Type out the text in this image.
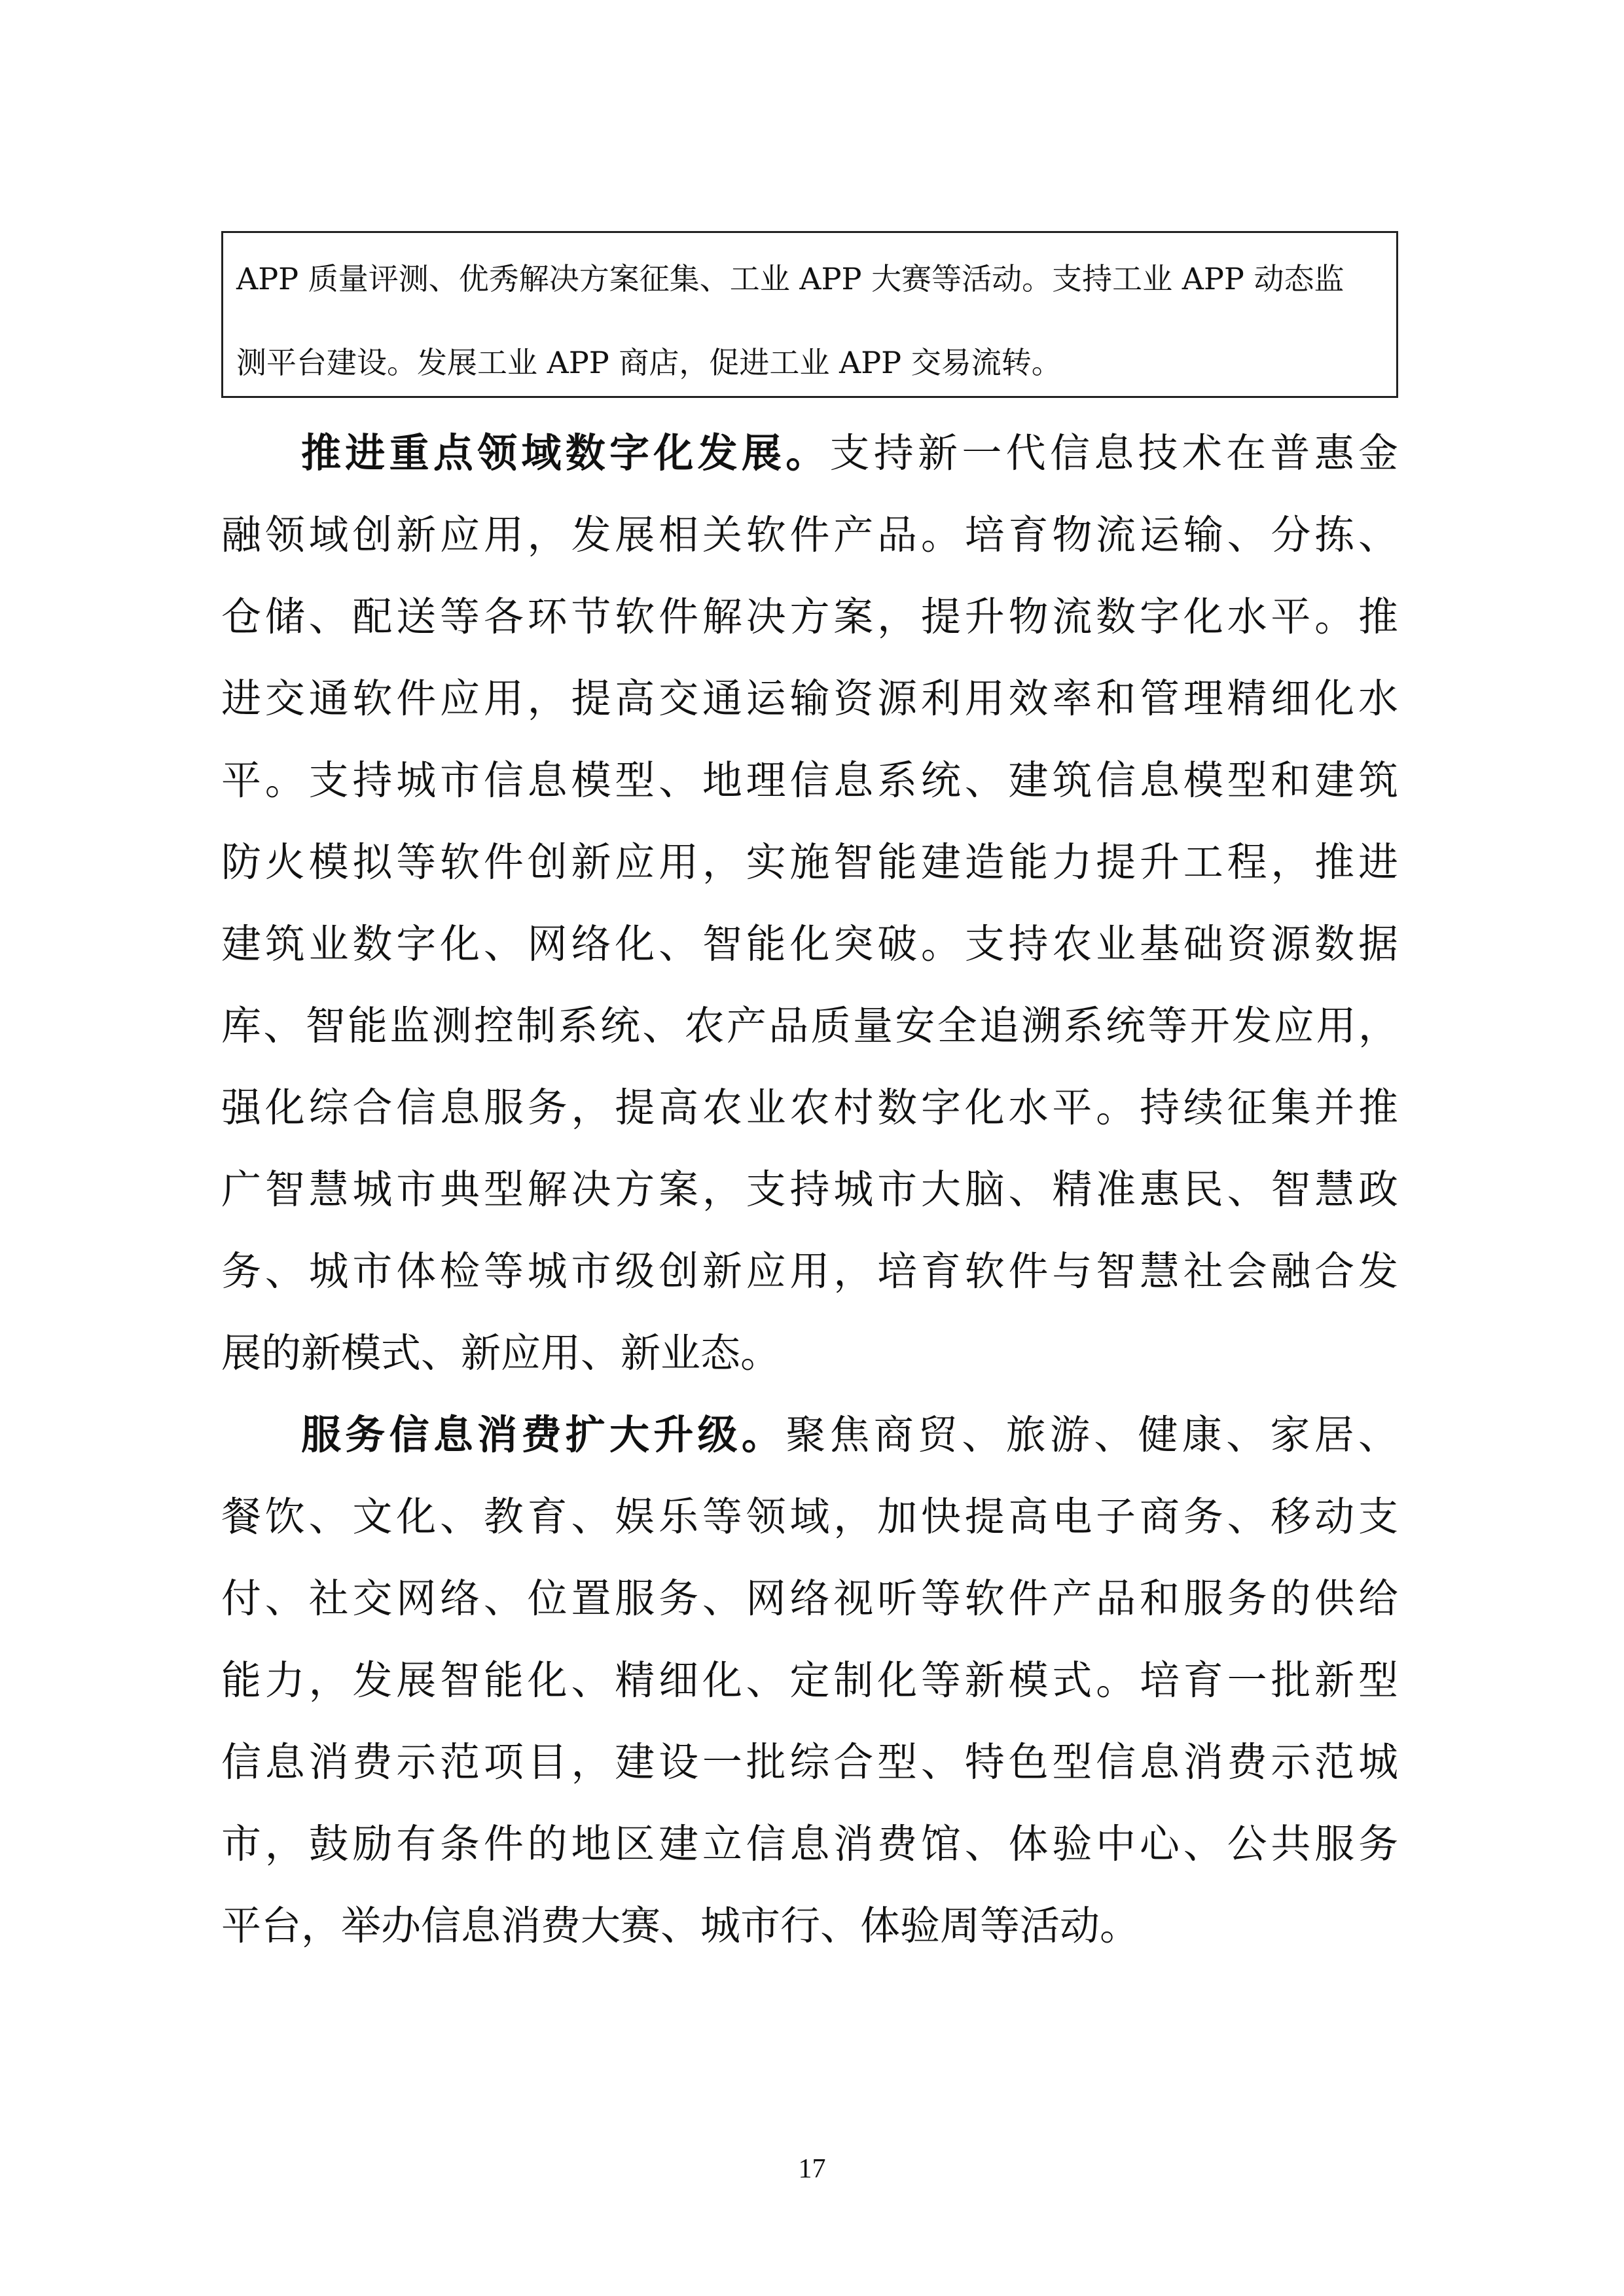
APP 质量评测、优秀解决方案征集、工业 APP 大赛等活动。支持工业 APP 动态监
测平台建设。发展工业 APP 商店，促进工业 APP 交易流转。
推进重点领域数字化发展。支持新一代信息技术在普惠金
融领域创新应用，发展相关软件产品。培育物流运输、分拣、
仓储、配送等各环节软件解决方案，提升物流数字化水平。推
进交通软件应用，提高交通运输资源利用效率和管理精细化水
平。支持城市信息模型、地理信息系统、建筑信息模型和建筑
防火模拟等软件创新应用，实施智能建造能力提升工程，推进
建筑业数字化、网络化、智能化突破。支持农业基础资源数据
库、智能监测控制系统、农产品质量安全追溯系统等开发应用，
强化综合信息服务，提高农业农村数字化水平。持续征集并推
广智慧城市典型解决方案，支持城市大脑、精准惠民、智慧政
务、城市体检等城市级创新应用，培育软件与智慧社会融合发
展的新模式、新应用、新业态。
服务信息消费扩大升级。聚焦商贸、旅游、健康、家居、
餐饮、文化、教育、娱乐等领域，加快提高电子商务、移动支
付、社交网络、位置服务、网络视听等软件产品和服务的供给
能力，发展智能化、精细化、定制化等新模式。培育一批新型
信息消费示范项目，建设一批综合型、特色型信息消费示范城
市，鼓励有条件的地区建立信息消费馆、体验中心、公共服务
平台，举办信息消费大赛、城市行、体验周等活动。
17
